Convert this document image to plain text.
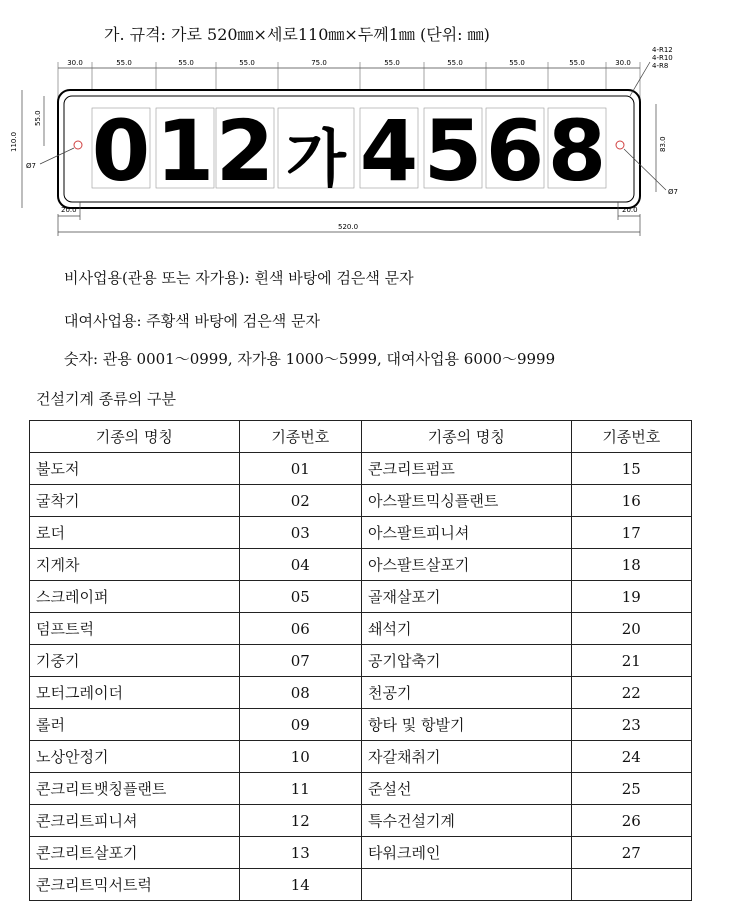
가. 규격: 가로 520㎜×세로110㎜×두께1㎜ (단위: ㎜)
30.0	55.0	55.0	55.0	75.0	55.0	55.0	55.0	55.0	30.0
0 1 2 가 4 5 6 8
Ø7
Ø7
110.0
55.0
83.0
4-R12
4-R10
4-R8
20.0	20.0
520.0
비사업용(관용 또는 자가용): 흰색 바탕에 검은색 문자
대여사업용: 주황색 바탕에 검은색 문자
숫자: 관용 0001～0999, 자가용 1000～5999, 대여사업용 6000～9999
건설기계 종류의 구분
기종의 명칭	기종번호	기종의 명칭	기종번호
불도저	01	콘크리트펌프	15
굴착기	02	아스팔트믹싱플랜트	16
로더	03	아스팔트피니셔	17
지게차	04	아스팔트살포기	18
스크레이퍼	05	골재살포기	19
덤프트럭	06	쇄석기	20
기중기	07	공기압축기	21
모터그레이더	08	천공기	22
롤러	09	항타 및 항발기	23
노상안정기	10	자갈채취기	24
콘크리트뱃칭플랜트	11	준설선	25
콘크리트피니셔	12	특수건설기계	26
콘크리트살포기	13	타워크레인	27
콘크리트믹서트럭	14		
